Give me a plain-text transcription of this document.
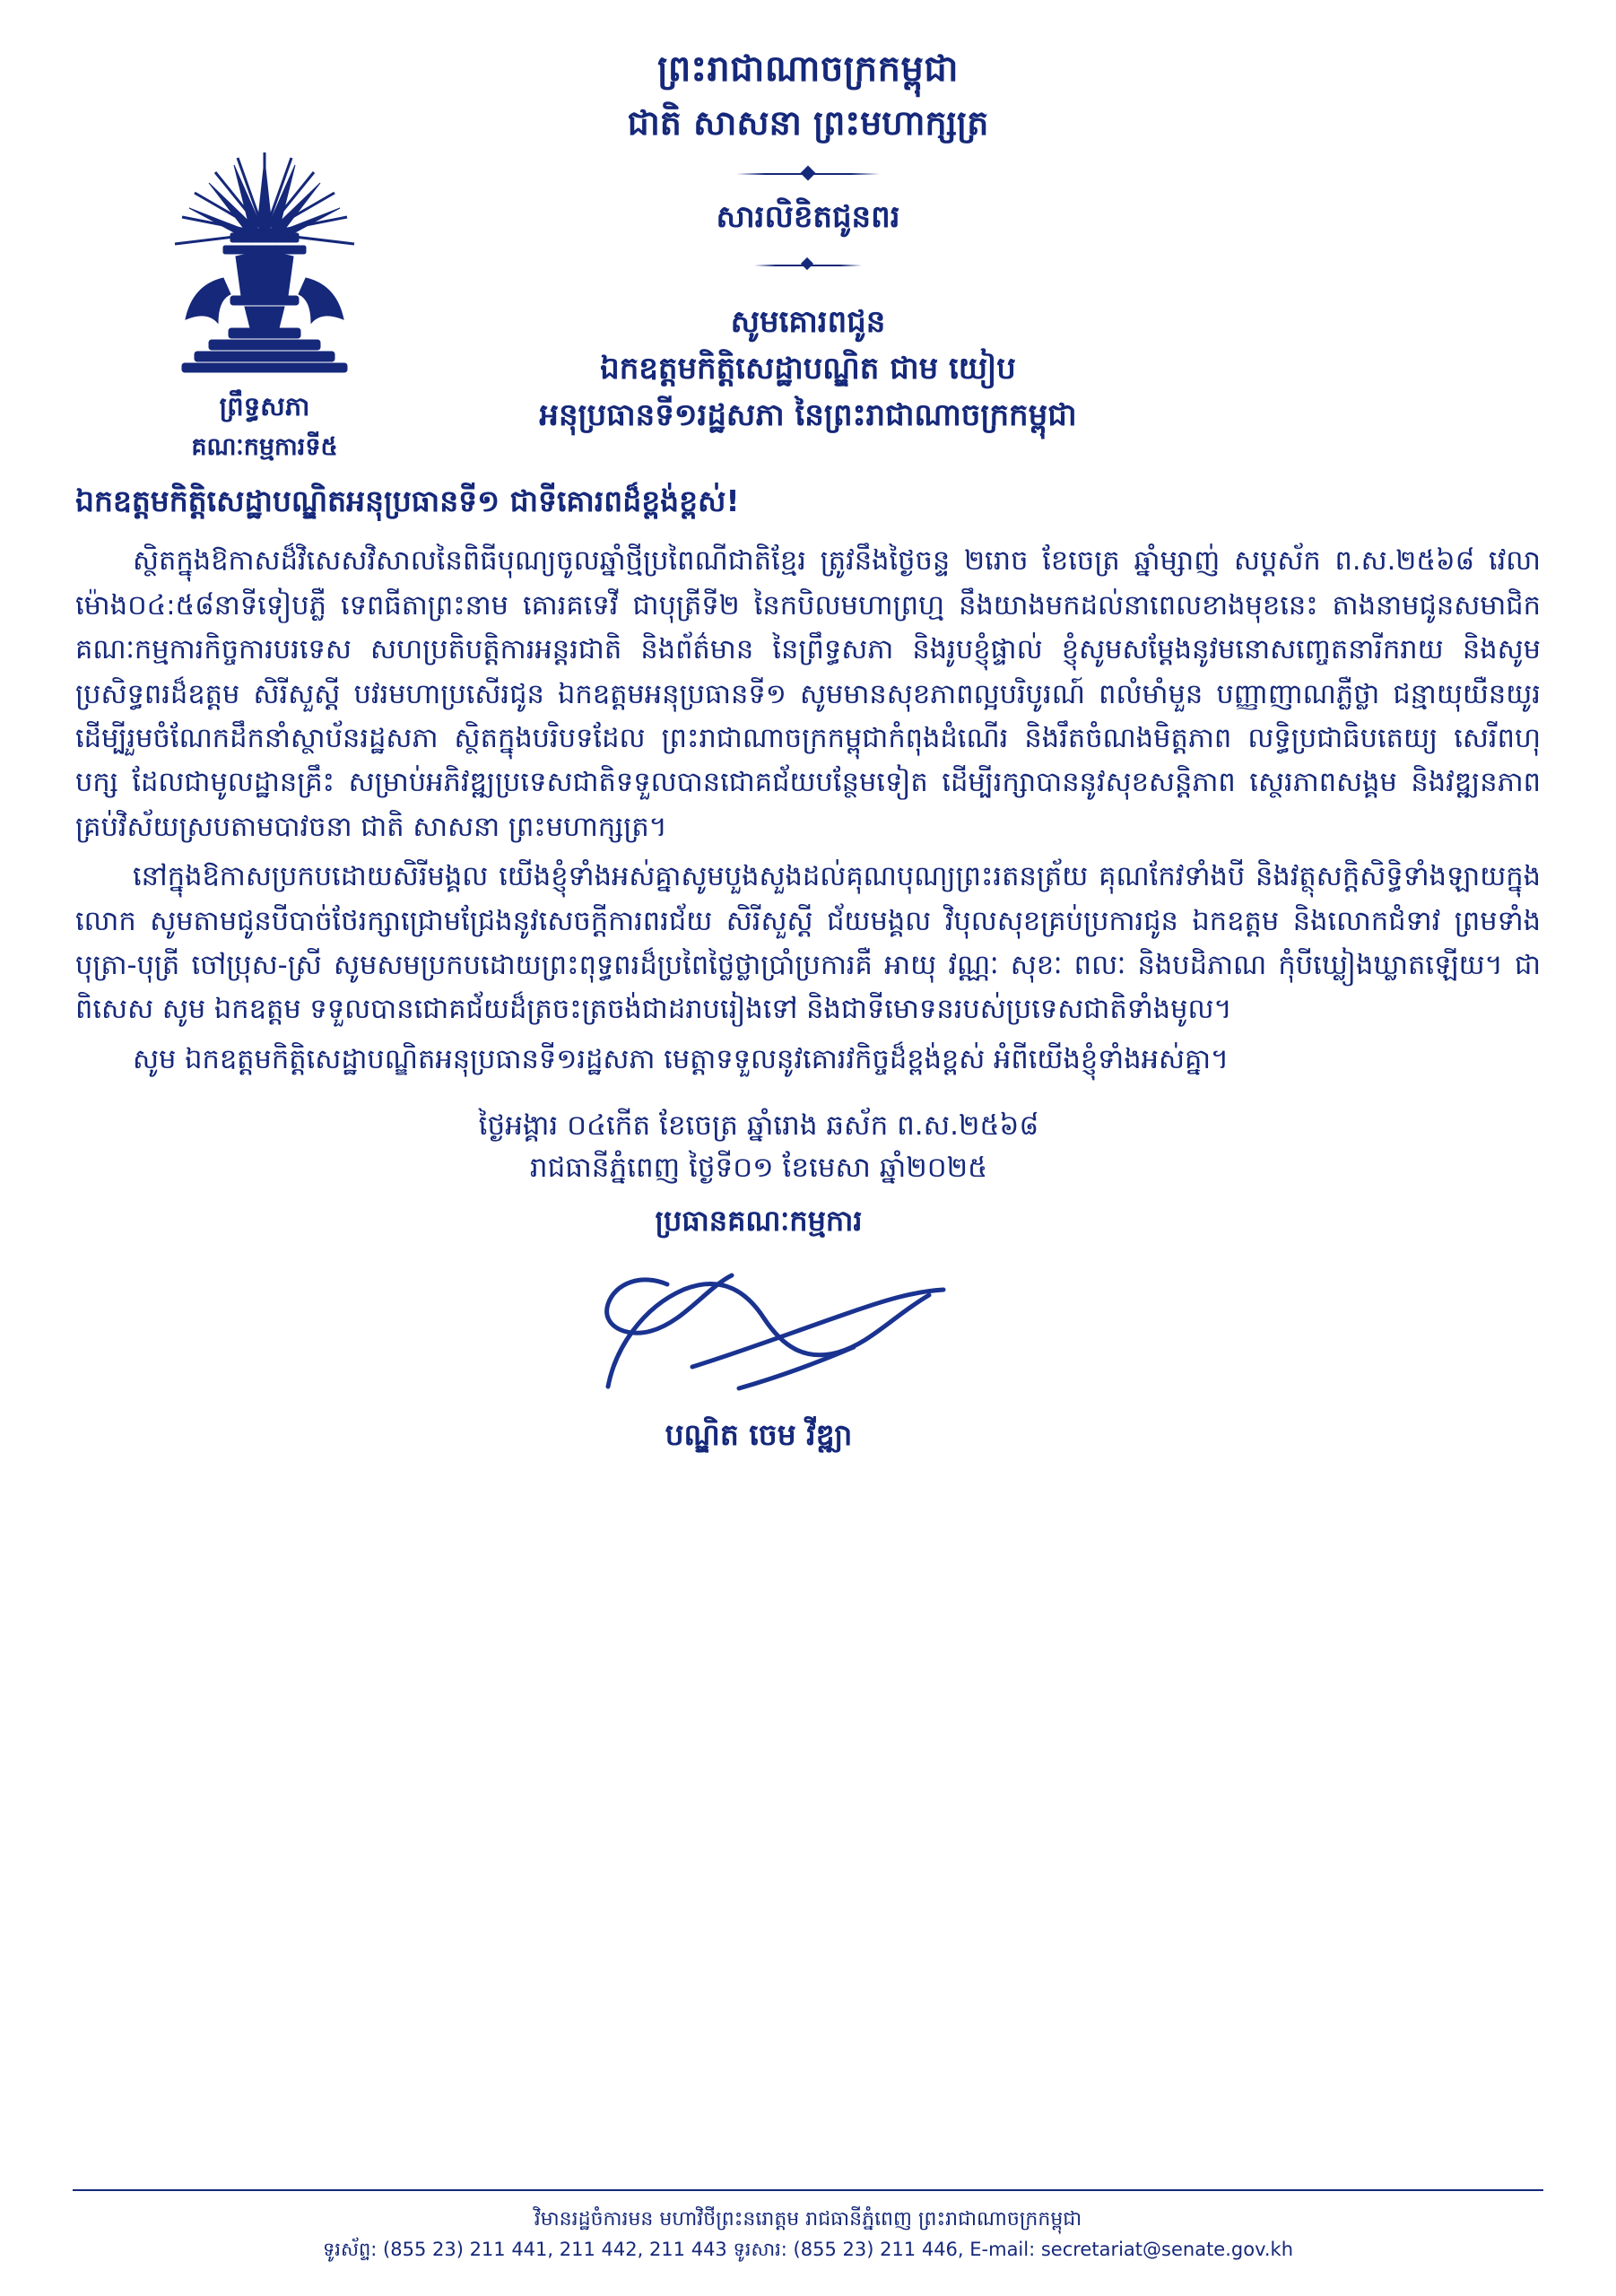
ព្រឹទ្ធសភា
គណៈកម្មការទី៥
ព្រះរាជាណាចក្រកម្ពុជា
ជាតិ សាសនា ព្រះមហាក្សត្រ
សារលិខិតជូនពរ
សូមគោរពជូន
ឯកឧត្តមកិត្តិសេដ្ឋាបណ្ឌិត ជាម យៀប
អនុប្រធានទី១រដ្ឋសភា នៃព្រះរាជាណាចក្រកម្ពុជា
ឯកឧត្តមកិត្តិសេដ្ឋាបណ្ឌិតអនុប្រធានទី១ ជាទីគោរពដ៏ខ្ពង់ខ្ពស់!

ស្ថិតក្នុងឱកាសដ៏វិសេសវិសាលនៃពិធីបុណ្យចូលឆ្នាំថ្មីប្រពៃណីជាតិខ្មែរ ត្រូវនឹងថ្ងៃចន្ទ ២រោច ខែចេត្រ ឆ្នាំម្សាញ់ សប្តស័ក ព.ស.២៥៦៨ វេលាម៉ោង០៤:៥៨នាទីទៀបភ្លឺ ទេពធីតាព្រះនាម គោរគទេវី ជាបុត្រីទី២ នៃកបិលមហាព្រហ្ម នឹងយាងមកដល់នាពេលខាងមុខនេះ តាងនាមជូនសមាជិកគណៈកម្មការកិច្ចការបរទេស សហប្រតិបត្តិការអន្តរជាតិ និងព័ត៌មាន នៃព្រឹទ្ធសភា និងរូបខ្ញុំផ្ទាល់ ខ្ញុំសូមសម្តែងនូវមនោសញ្ចេតនារីករាយ និងសូមប្រសិទ្ធពរដ៏ឧត្តម សិរីសួស្តី បវរមហាប្រសើរជូន ឯកឧត្តមអនុប្រធានទី១ សូមមានសុខភាពល្អបរិបូរណ៍ ពលំមាំមួន បញ្ញាញាណភ្លឺថ្លា ជន្មាយុយឺនយូរ ដើម្បីរួមចំណែកដឹកនាំស្ថាប័នរដ្ឋសភា ស្ថិតក្នុងបរិបទដែល ព្រះរាជាណាចក្រកម្ពុជាកំពុងដំណើរ និងរឹតចំណងមិត្តភាព លទ្ធិប្រជាធិបតេយ្យ សេរីពហុបក្ស ដែលជាមូលដ្ឋានគ្រឹះ សម្រាប់អភិវឌ្ឍប្រទេសជាតិទទួលបានជោគជ័យបន្ថែមទៀត ដើម្បីរក្សាបាននូវសុខសន្តិភាព ស្ថេរភាពសង្គម និងវឌ្ឍនភាពគ្រប់វិស័យស្របតាមបាវចនា ជាតិ សាសនា ព្រះមហាក្សត្រ។

នៅក្នុងឱកាសប្រកបដោយសិរីមង្គល យើងខ្ញុំទាំងអស់គ្នាសូមបួងសួងដល់គុណបុណ្យព្រះរតនត្រ័យ គុណកែវទាំងបី និងវត្ថុសក្តិសិទ្ធិទាំងឡាយក្នុងលោក សូមតាមជូនបីបាច់ថែរក្សាជ្រោមជ្រែងនូវសេចក្តីការពរជ័យ សិរីសួស្តី ជ័យមង្គល វិបុលសុខគ្រប់ប្រការជូន ឯកឧត្តម និងលោកជំទាវ ព្រមទាំងបុត្រា-បុត្រី ចៅប្រុស-ស្រី សូមសមប្រកបដោយព្រះពុទ្ធពរដ៏ប្រពៃថ្លៃថ្លាប្រាំប្រការគឺ អាយុ វណ្ណៈ សុខៈ ពលៈ និងបដិភាណ កុំបីឃ្លៀងឃ្លាតឡើយ។ ជាពិសេស សូម ឯកឧត្តម ទទួលបានជោគជ័យដ៏ត្រចះត្រចង់ជាដរាបរៀងទៅ និងជាទីមោទនរបស់ប្រទេសជាតិទាំងមូល។

សូម ឯកឧត្តមកិត្តិសេដ្ឋាបណ្ឌិតអនុប្រធានទី១រដ្ឋសភា មេត្តាទទួលនូវគោរវកិច្ចដ៏ខ្ពង់ខ្ពស់ អំពីយើងខ្ញុំទាំងអស់គ្នា។

ថ្ងៃអង្គារ ០៤កើត ខែចេត្រ ឆ្នាំរោង ឆស័ក ព.ស.២៥៦៨
រាជធានីភ្នំពេញ ថ្ងៃទី០១ ខែមេសា ឆ្នាំ២០២៥
ប្រធានគណៈកម្មការ
បណ្ឌិត ចេម វីឌ្ឍា
វិមានរដ្ឋចំការមន មហាវិថីព្រះនរោត្តម រាជធានីភ្នំពេញ ព្រះរាជាណាចក្រកម្ពុជា
ទូរស័ព្ទ: (855 23) 211 441, 211 442, 211 443 ទូរសារ: (855 23) 211 446, E-mail: secretariat@senate.gov.kh
